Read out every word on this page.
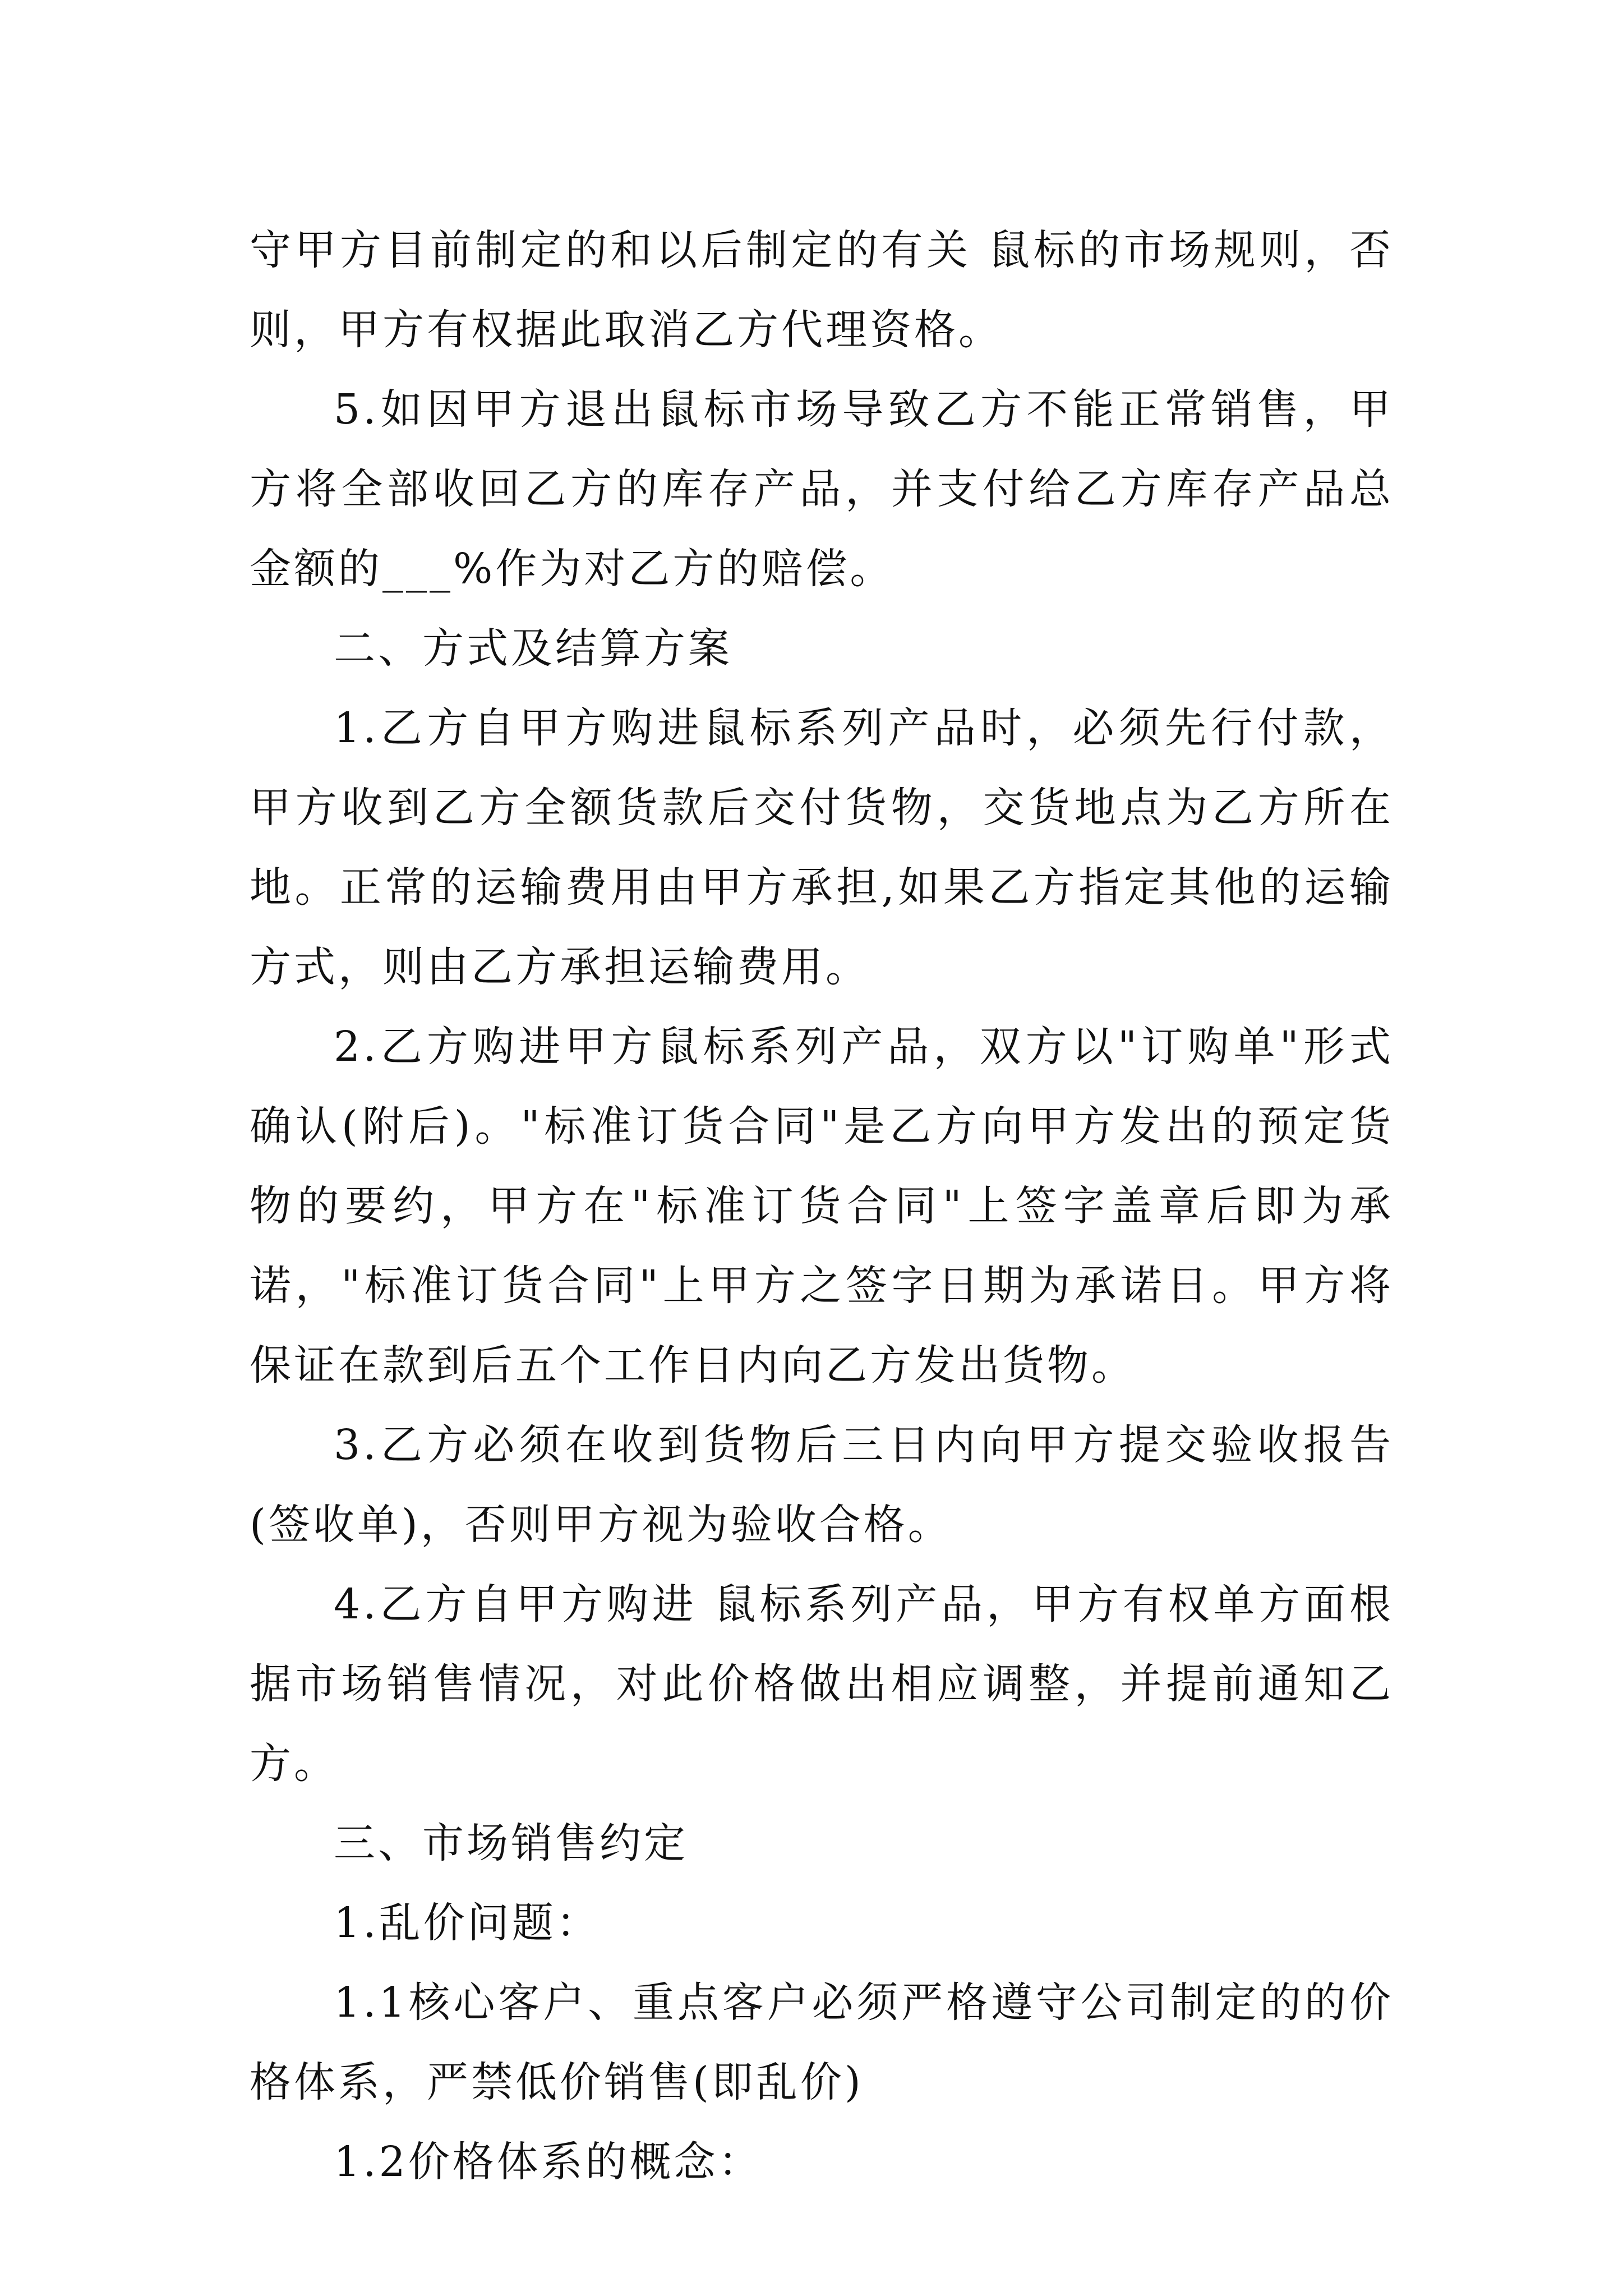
守甲方目前制定的和以后制定的有关 鼠标的市场规则，否则，甲方有权据此取消乙方代理资格。

5.如因甲方退出鼠标市场导致乙方不能正常销售，甲方将全部收回乙方的库存产品，并支付给乙方库存产品总金额的___%作为对乙方的赔偿。

二、方式及结算方案

1.乙方自甲方购进鼠标系列产品时，必须先行付款，甲方收到乙方全额货款后交付货物，交货地点为乙方所在地。正常的运输费用由甲方承担,如果乙方指定其他的运输方式，则由乙方承担运输费用。

2.乙方购进甲方鼠标系列产品，双方以"订购单"形式确认(附后)。"标准订货合同"是乙方向甲方发出的预定货物的要约，甲方在"标准订货合同"上签字盖章后即为承诺，"标准订货合同"上甲方之签字日期为承诺日。甲方将保证在款到后五个工作日内向乙方发出货物。

3.乙方必须在收到货物后三日内向甲方提交验收报告(签收单)，否则甲方视为验收合格。

4.乙方自甲方购进 鼠标系列产品，甲方有权单方面根据市场销售情况，对此价格做出相应调整，并提前通知乙方。

三、市场销售约定

1.乱价问题：

1.1核心客户、重点客户必须严格遵守公司制定的的价格体系，严禁低价销售(即乱价)

1.2价格体系的概念：
